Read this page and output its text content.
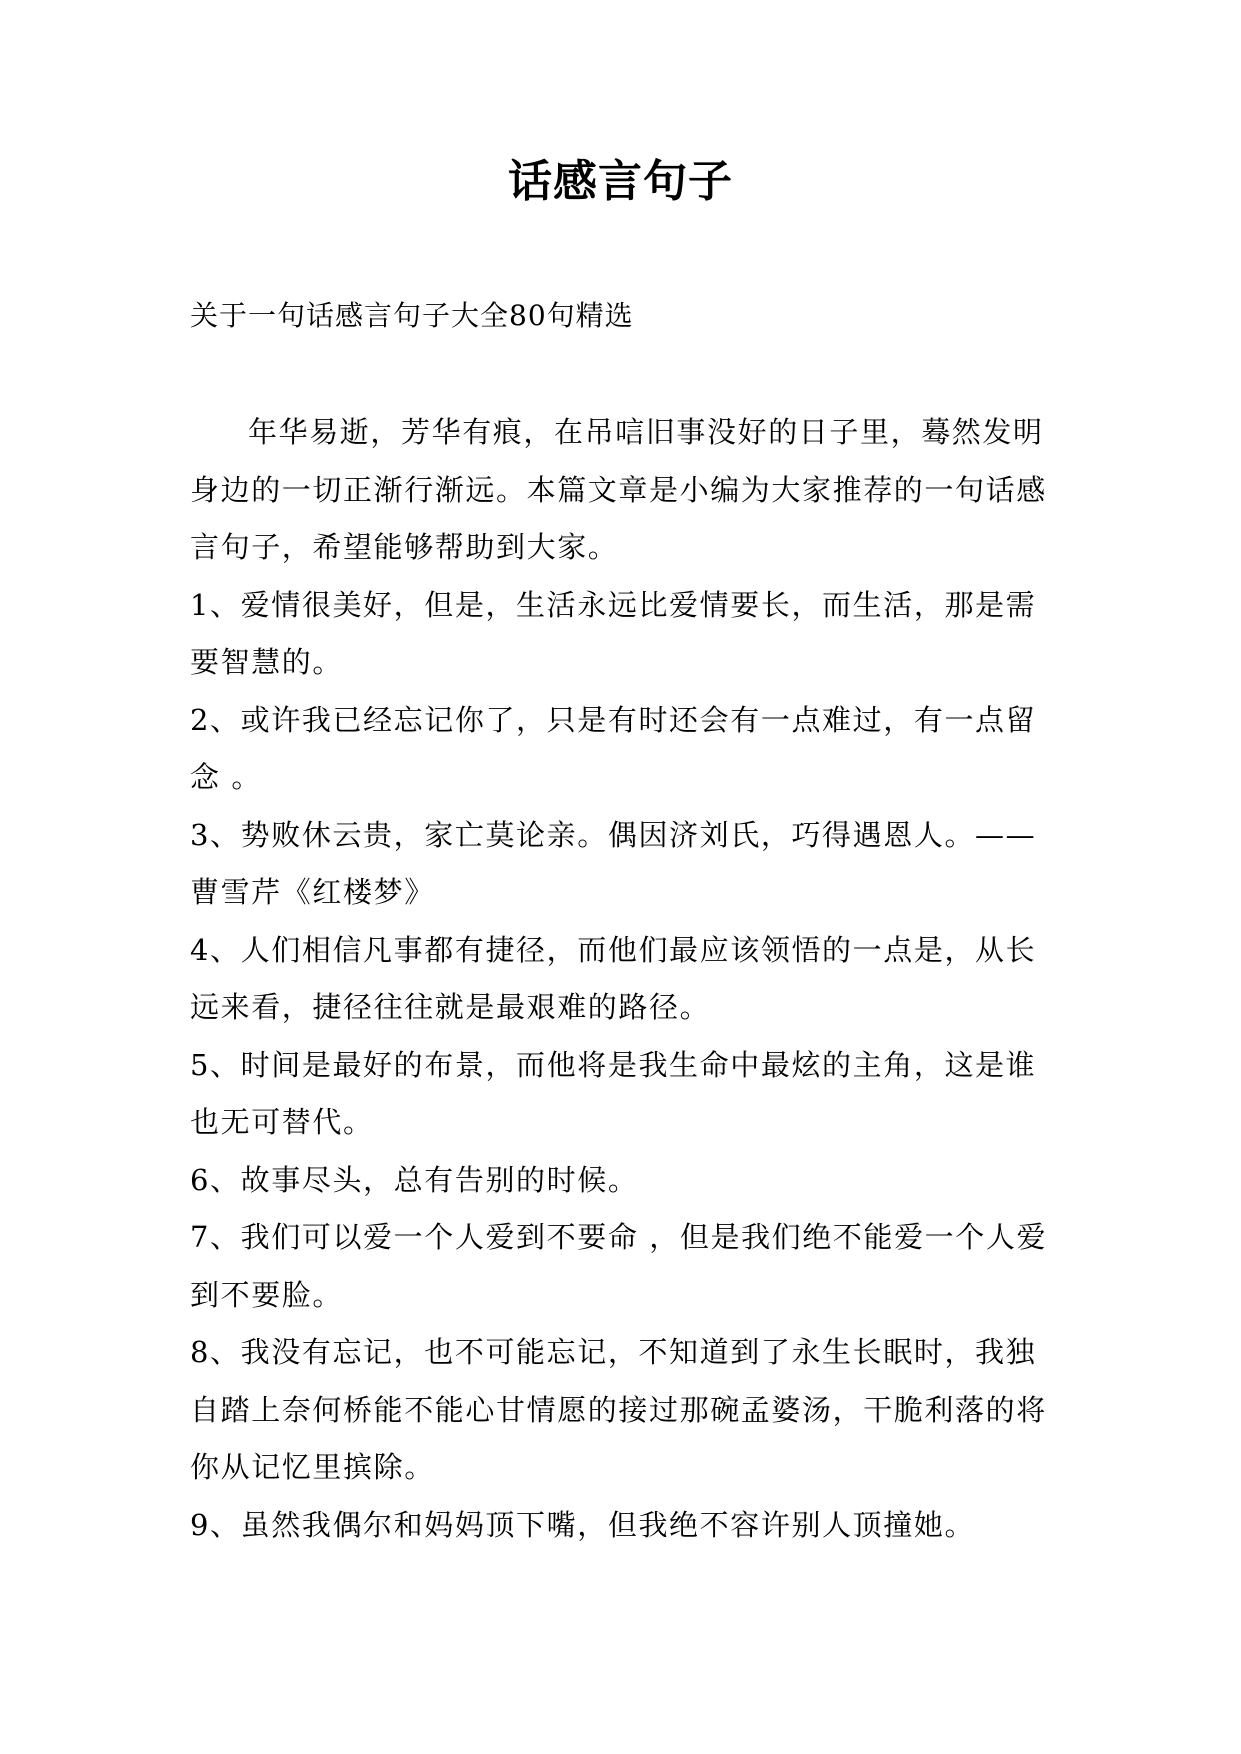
话感言句子
关于一句话感言句子大全80句精选

年华易逝，芳华有痕，在吊唁旧事没好的日子里，蓦然发明身边的一切正渐行渐远。本篇文章是小编为大家推荐的一句话感言句子，希望能够帮助到大家。

1、爱情很美好，但是，生活永远比爱情要长，而生活，那是需要智慧的。

2、或许我已经忘记你了，只是有时还会有一点难过，有一点留念 。

3、势败休云贵，家亡莫论亲。偶因济刘氏，巧得遇恩人。——曹雪芹《红楼梦》

4、人们相信凡事都有捷径，而他们最应该领悟的一点是，从长远来看，捷径往往就是最艰难的路径。

5、时间是最好的布景，而他将是我生命中最炫的主角，这是谁也无可替代。

6、故事尽头，总有告别的时候。

7、我们可以爱一个人爱到不要命 ，但是我们绝不能爱一个人爱到不要脸。

8、我没有忘记，也不可能忘记，不知道到了永生长眠时，我独自踏上奈何桥能不能心甘情愿的接过那碗孟婆汤，干脆利落的将你从记忆里摈除。

9、虽然我偶尔和妈妈顶下嘴，但我绝不容许别人顶撞她。
